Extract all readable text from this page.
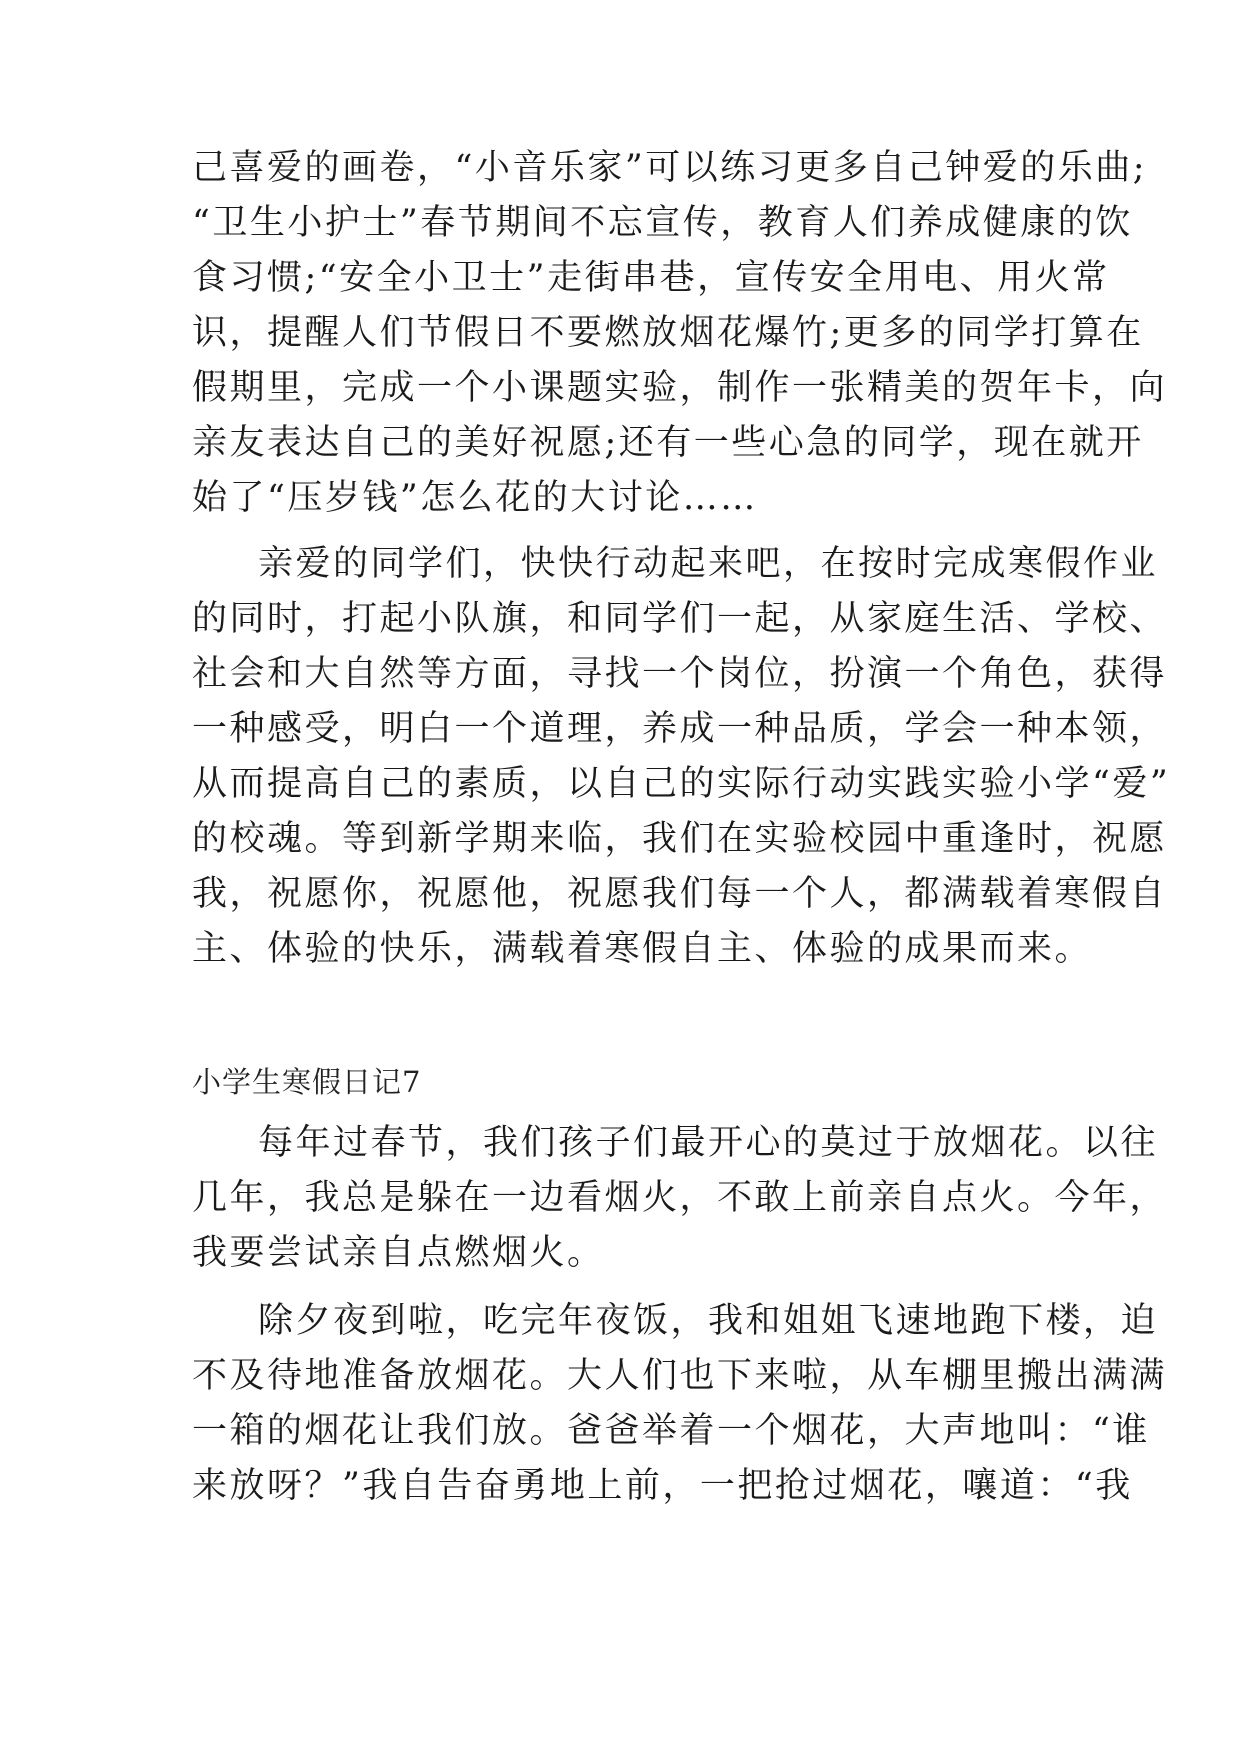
己喜爱的画卷，“小音乐家”可以练习更多自己钟爱的乐曲;
“卫生小护士”春节期间不忘宣传，教育人们养成健康的饮
食习惯;“安全小卫士”走街串巷，宣传安全用电、用火常
识，提醒人们节假日不要燃放烟花爆竹;更多的同学打算在
假期里，完成一个小课题实验，制作一张精美的贺年卡，向
亲友表达自己的美好祝愿;还有一些心急的同学，现在就开
始了“压岁钱”怎么花的大讨论……
亲爱的同学们，快快行动起来吧，在按时完成寒假作业
的同时，打起小队旗，和同学们一起，从家庭生活、学校、
社会和大自然等方面，寻找一个岗位，扮演一个角色，获得
一种感受，明白一个道理，养成一种品质，学会一种本领，
从而提高自己的素质，以自己的实际行动实践实验小学“爱”
的校魂。等到新学期来临，我们在实验校园中重逢时，祝愿
我，祝愿你，祝愿他，祝愿我们每一个人，都满载着寒假自
主、体验的快乐，满载着寒假自主、体验的成果而来。
小学生寒假日记7
每年过春节，我们孩子们最开心的莫过于放烟花。以往
几年，我总是躲在一边看烟火，不敢上前亲自点火。今年，
我要尝试亲自点燃烟火。
除夕夜到啦，吃完年夜饭，我和姐姐飞速地跑下楼，迫
不及待地准备放烟花。大人们也下来啦，从车棚里搬出满满
一箱的烟花让我们放。爸爸举着一个烟花，大声地叫：“谁
来放呀？”我自告奋勇地上前，一把抢过烟花，嚷道：“我
